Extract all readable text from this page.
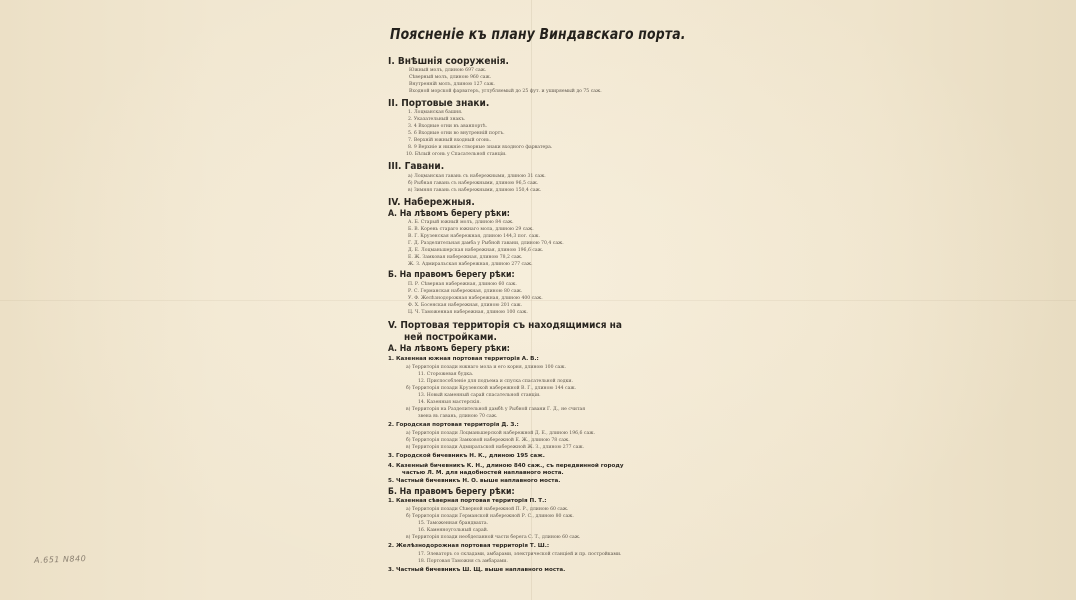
A.651 N840
Поясненiе къ плану Виндавскаго порта.
I. Внѣшнiя сооруженiя.
Южный молъ, длиною 697 саж.
Сѣверный молъ, длиною 960 саж.
Внутреннiй молъ, длиною 127 саж.
Входной морской фарватеръ, углубляемый до 25 фут. и уширяемый до 75 саж.
II. Портовые знаки.
1. Лоцманская башня.
2. Указательный знакъ.
3. 4 Входные огни въ аванпортѣ.
5. 6 Входные огни во внутреннiй портъ.
7. Верхнiй южный входный огонь.
8. 9 Верхнiе и нижнiе створные знаки входного фарватера.
10. Бѣлый огонь у Спасательной станцiи.
III. Гавани.
а) Лоцманская гавань съ набережными, длиною 31 саж.
б) Рыбная гавань съ набережными, длиною 96,5 саж.
в) Зимняя гавань съ набережными, длиною 150,4 саж.
IV. Набережныя.
А. На лѣвомъ берегу рѣки:
А. Б. Старый южный молъ, длиною 84 саж.
Б. В. Корень стараго южнаго мола, длиною 29 саж.
В. Г. Крузенская набережная, длиною 144,3 пог. саж.
Г. Д. Разделительная дамба у Рыбной гавани, длиною 70,4 саж.
Д. Е. Лоцманьшерская набережная, длиною 196,6 саж.
Е. Ж. Замковая набережная, длиною 78,2 саж.
Ж. З. Адмиральская набережная, длиною 277 саж.
Б. На правомъ берегу рѣки:
П. Р. Сѣверная набережная, длиною 60 саж.
Р. С. Германская набережная, длиною 80 саж.
У. Ф. Желѣзнодорожная набережная, длиною 400 саж.
Ф. Х. Босенская набережная, длиною 201 саж.
Ц. Ч. Таможенная набережная, длиною 100 саж.
V. Портовая территорiя съ находящимися на
ней постройками.
А. На лѣвомъ берегу рѣки:
1. Казенная южная портовая территорiя А. В.:
а) Территорiя позади южнаго мола и его корня, длиною 100 саж.
11. Сторожевая будка.
12. Приспособленiе для подъема и спуска спасательной лодки.
б) Территорiя позади Крузенской набережной В. Г., длиною 144 саж.
13. Новый каменный сарай спасательной станцiи.
14. Казенныя мастерскiя.
в) Территорiя на Разделительной дамбѣ у Рыбной гавани Г. Д., не считая
звена въ гавань, длиною 70 саж.
2. Городская портовая территорiя Д. З.:
а) Территорiя позади Лоцманьшерской набережной Д. Е., длиною 196,6 саж.
б) Территорiя позади Замковой набережной Е. Ж., длиною 78 саж.
в) Территорiя позади Адмиральской набережной Ж. З., длиною 277 саж.
3. Городской бичевникъ Н. К., длиною 195 саж.
4. Казенный бичевникъ К. Н., длиною 840 саж., съ передвинной городу
частью Л. М. для надобностей наплавного моста.
5. Частный бичевникъ Н. О. выше наплавного моста.
Б. На правомъ берегу рѣки:
1. Казенная сѣверная портовая территорiя П. Т.:
а) Территорiя позади Сѣверной набережной П. Р., длиною 60 саж.
б) Территорiя позади Германской набережной Р. С., длиною 80 саж.
15. Таможенная брандвахта.
16. Каменноугольный сарай.
в) Территорiя позади необделанной части берега С. Т., длиною 60 саж.
2. Желѣзнодорожная портовая территорiя Т. Ш.:
17. Элеваторъ со складами, амбарами, электрической станцiей и пр. постройками.
18. Портовая Таможня съ амбарами.
3. Частный бичевникъ Ш. Щ. выше наплавного моста.
